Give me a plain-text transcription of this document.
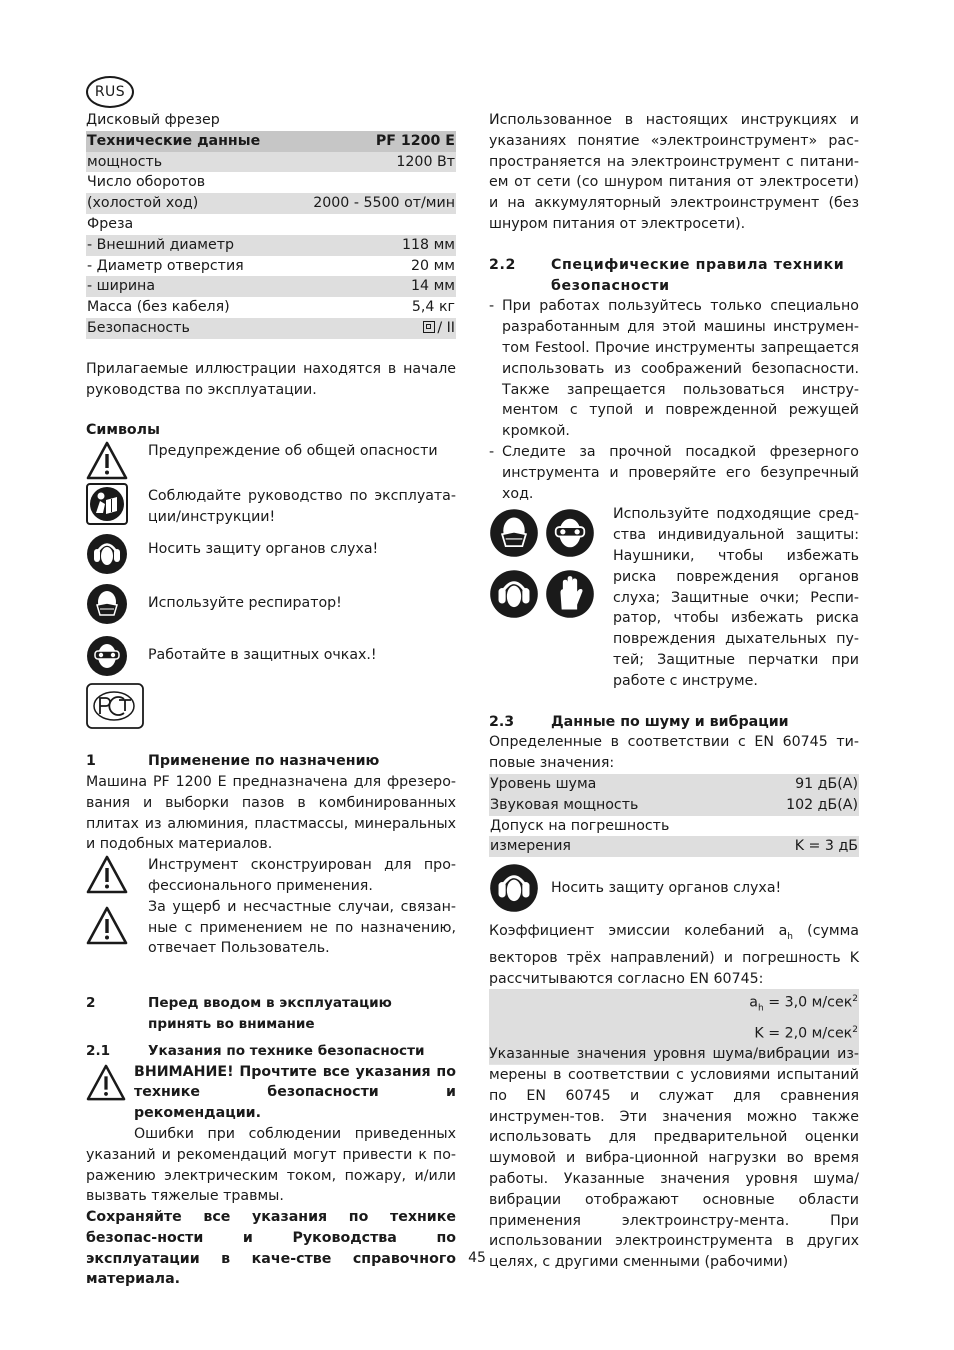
RUS

Дисковый фрезер

Технические данные	PF 1200 E
мощность	1200 Вт
Число оборотов	
(холостой ход)	2000 - 5500 от/мин
Фреза	
- Внешний диаметр	118 мм
- Диаметр отверстия	20 мм
- ширина	14 мм
Масса (без кабеля)	5,4 кг
Безопасность	/ II

Прилагаемые иллюстрации находятся в начале руководства по эксплуатации.

Символы
Предупреждение об общей опасности
Соблюдайте руководство по эксплуата-ции/инструкции!
Носить защиту органов слуха!
Используйте респиратор!
Работайте в защитных очках.!
1	Применение по назначению

Машина PF 1200 E предназначена для фрезеро-вания и выборки пазов в комбинированных плитах из алюминия, пластмассы, минеральных и подобных материалов.

Инструмент сконструирован для про-фессионального применения.

За ущерб и несчастные случаи, связан-ные с применением не по назначению, отвечает Пользователь.

2	Перед вводом в эксплуатацию принять во внимание
2.1	Указания по технике безопасности

ВНИМАНИЕ! Прочтите все указания по технике безопасности и рекомендации.

Ошибки при соблюдении приведенных указаний и рекомендаций могут привести к по-ражению электрическим током, пожару, и/или вызвать тяжелые травмы.

Сохраняйте все указания по технике безопас-ности и Руководства по эксплуатации в каче-стве справочного материала.

Использованное в настоящих инструкциях и указаниях понятие «электроинструмент» рас-пространяется на электроинструмент с питани-ем от сети (со шнуром питания от электросети) и на аккумуляторный электроинструмент (без шнуром питания от электросети).

2.2	Специфические правила техники безопасности
- При работах пользуйтесь только специально разработанным для этой машины инструмен-том Festool. Прочие инструменты запрещается использовать из соображений безопасности. Также запрещается пользоваться инстру-ментом с тупой и поврежденной режущей кромкой.
- Следите за прочной посадкой фрезерного инструмента и проверяйте его безупречный ход.

Используйте подходящие сред-ства индивидуальной защиты: Наушники, чтобы избежать риска повреждения органов слуха; Защитные очки; Респи-ратор, чтобы избежать риска повреждения дыхательных пу-тей; Защитные перчатки при работе с инструме.

2.3	Данные по шуму и вибрации

Определенные в соответствии с EN 60745 ти-повые значения:

Уровень шума	91 дБ(A)
Звуковая мощность	102 дБ(A)
Допуск на погрешность	
измерения	K = 3 дБ
Носить защиту органов слуха!

Коэффициент эмиссии колебаний $a_h$ (сумма векторов трёх направлений) и погрешность K рассчитываются согласно EN 60745:

$a_h = 3,0$ м/сек$^2$
K = 2,0 м/сек$^2$

Указанные значения уровня шума/вибрации из-мерены в соответствии с условиями испытаний по EN 60745 и служат для сравнения инструмен-тов. Эти значения можно также использовать для предварительной оценки шумовой и вибра-ционной нагрузки во время работы. Указанные значения уровня шума/вибрации отображают основные области применения электроинстру-мента. При использовании электроинструмента в других целях, с другими сменными (рабочими)

45
